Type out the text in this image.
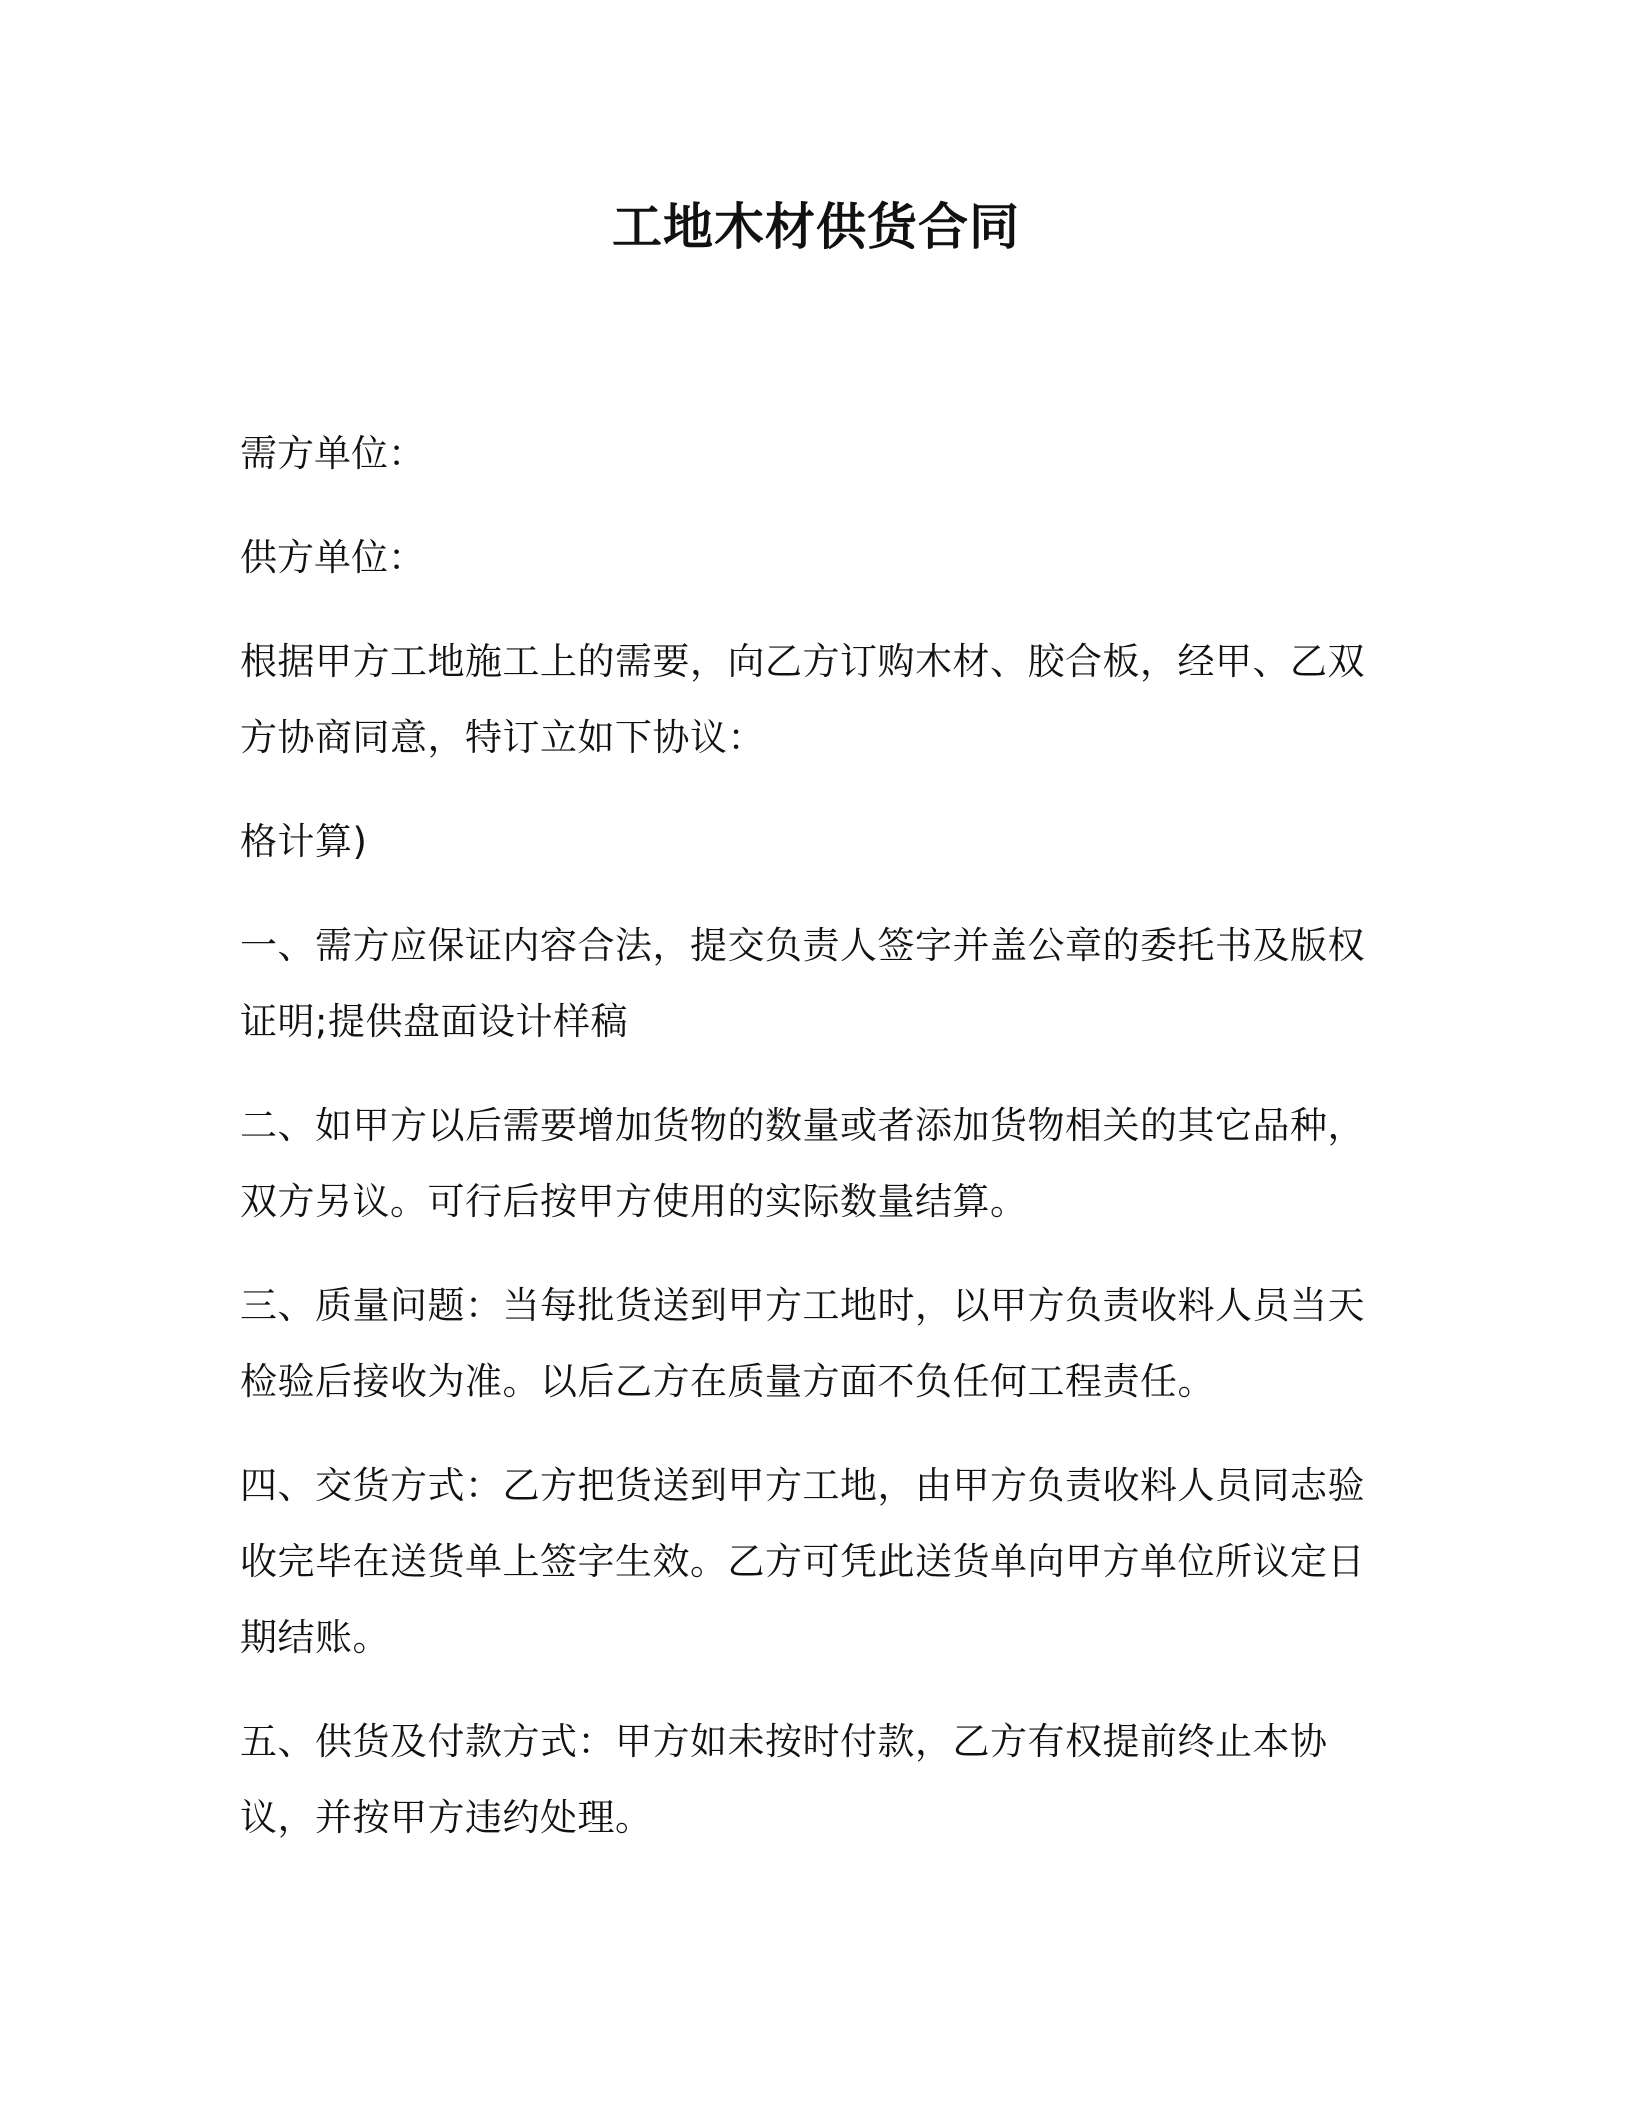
工地木材供货合同

需方单位：

供方单位：

根据甲方工地施工上的需要，向乙方订购木材、胶合板，经甲、乙双方协商同意，特订立如下协议：

格计算)

一、需方应保证内容合法，提交负责人签字并盖公章的委托书及版权证明;提供盘面设计样稿

二、如甲方以后需要增加货物的数量或者添加货物相关的其它品种，双方另议。可行后按甲方使用的实际数量结算。

三、质量问题：当每批货送到甲方工地时，以甲方负责收料人员当天检验后接收为准。以后乙方在质量方面不负任何工程责任。

四、交货方式：乙方把货送到甲方工地，由甲方负责收料人员同志验收完毕在送货单上签字生效。乙方可凭此送货单向甲方单位所议定日期结账。

五、供货及付款方式：甲方如未按时付款，乙方有权提前终止本协议，并按甲方违约处理。
